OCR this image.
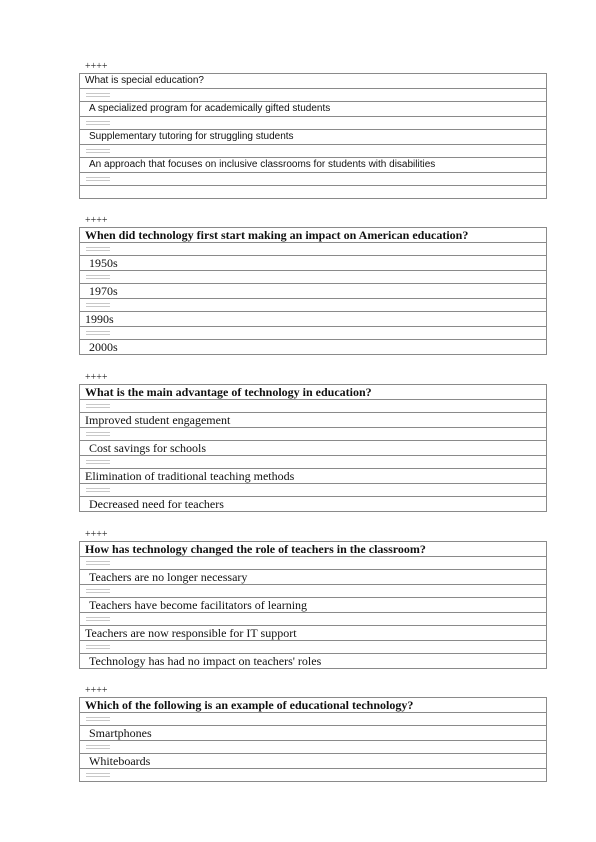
++++
What is special education?

A specialized program for academically gifted students

Supplementary tutoring for struggling students

An approach that focuses on inclusive classrooms for students with disabilities

++++
When did technology first start making an impact on American education?

1950s

1970s

1990s

2000s
++++
What is the main advantage of technology in education?

Improved student engagement

Cost savings for schools

Elimination of traditional teaching methods

Decreased need for teachers
++++
How has technology changed the role of teachers in the classroom?

Teachers are no longer necessary

Teachers have become facilitators of learning

Teachers are now responsible for IT support

Technology has had no impact on teachers' roles
++++
Which of the following is an example of educational technology?

Smartphones

Whiteboards
